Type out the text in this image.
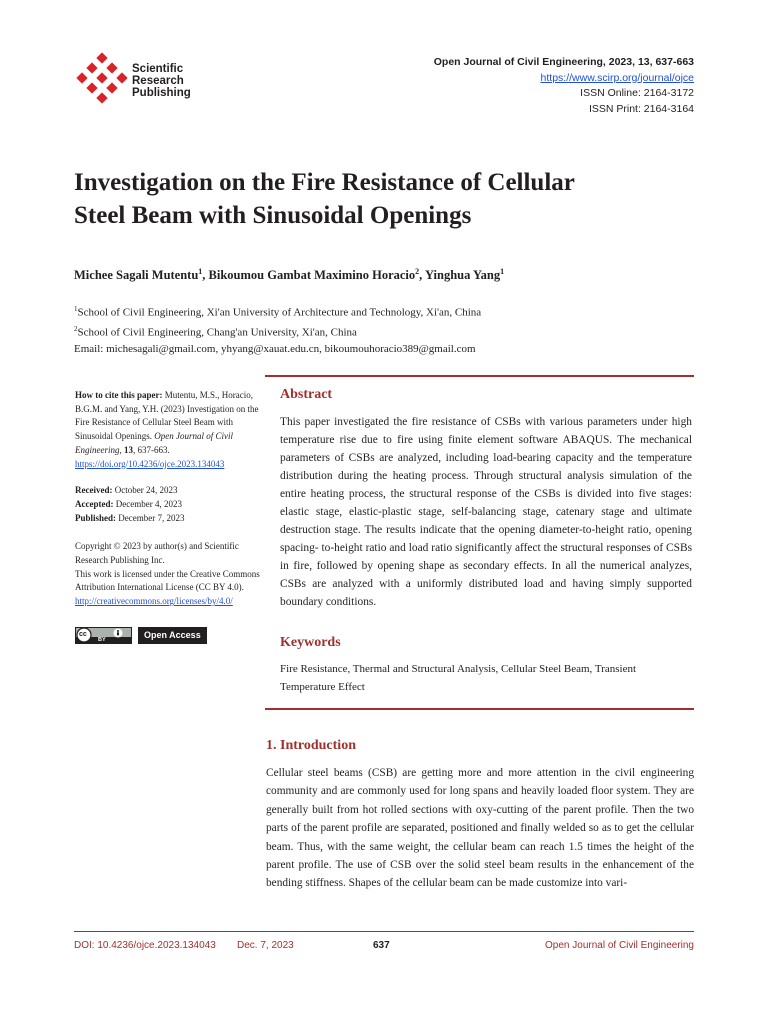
Scientific
Research
Publishing
Open Journal of Civil Engineering, 2023, 13, 637-663
https://www.scirp.org/journal/ojce
ISSN Online: 2164-3172
ISSN Print: 2164-3164
Investigation on the Fire Resistance of Cellular
Steel Beam with Sinusoidal Openings
Michee Sagali Mutentu$^1$, Bikoumou Gambat Maximino Horacio$^2$, Yinghua Yang$^1$
$^1$School of Civil Engineering, Xi'an University of Architecture and Technology, Xi'an, China
$^2$School of Civil Engineering, Chang'an University, Xi'an, China
Email: michesagali@gmail.com, yhyang@xauat.edu.cn, bikoumouhoracio389@gmail.com

How to cite this paper: Mutentu, M.S., Horacio, B.G.M. and Yang, Y.H. (2023) Investigation on the Fire Resistance of Cellular Steel Beam with Sinusoidal Openings. Open Journal of Civil Engineering, 13, 637-663.
https://doi.org/10.4236/ojce.2023.134043

Received: October 24, 2023

Accepted: December 4, 2023

Published: December 7, 2023

Copyright © 2023 by author(s) and Scientific Research Publishing Inc.

This work is licensed under the Creative Commons Attribution International License (CC BY 4.0).

http://creativecommons.org/licenses/by/4.0/

cc
BY	Open Access
Abstract

This paper investigated the fire resistance of CSBs with various parameters under high temperature rise due to fire using finite element software ABAQUS. The mechanical parameters of CSBs are analyzed, including load-bearing capacity and the temperature distribution during the heating process. Through structural analysis simulation of the entire heating process, the structural response of the CSBs is divided into five stages: elastic stage, elastic-plastic stage, self-balancing stage, catenary stage and ultimate destruction stage. The results indicate that the opening diameter-to-height ratio, opening spacing- to-height ratio and load ratio significantly affect the structural responses of CSBs in fire, followed by opening shape as secondary effects. In all the numerical analyzes, CSBs are analyzed with a uniformly distributed load and having simply supported boundary conditions.

Keywords

Fire Resistance, Thermal and Structural Analysis, Cellular Steel Beam, Transient Temperature Effect

1. Introduction

Cellular steel beams (CSB) are getting more and more attention in the civil engineering community and are commonly used for long spans and heavily loaded floor system. They are generally built from hot rolled sections with oxy-cutting of the parent profile. Then the two parts of the parent profile are separated, positioned and finally welded so as to get the cellular beam. Thus, with the same weight, the cellular beam can reach 1.5 times the height of the parent profile. The use of CSB over the solid steel beam results in the enhancement of the bending stiffness. Shapes of the cellular beam can be made customize into vari-

DOI: 10.4236/ojce.2023.134043 Dec. 7, 2023	637	Open Journal of Civil Engineering
